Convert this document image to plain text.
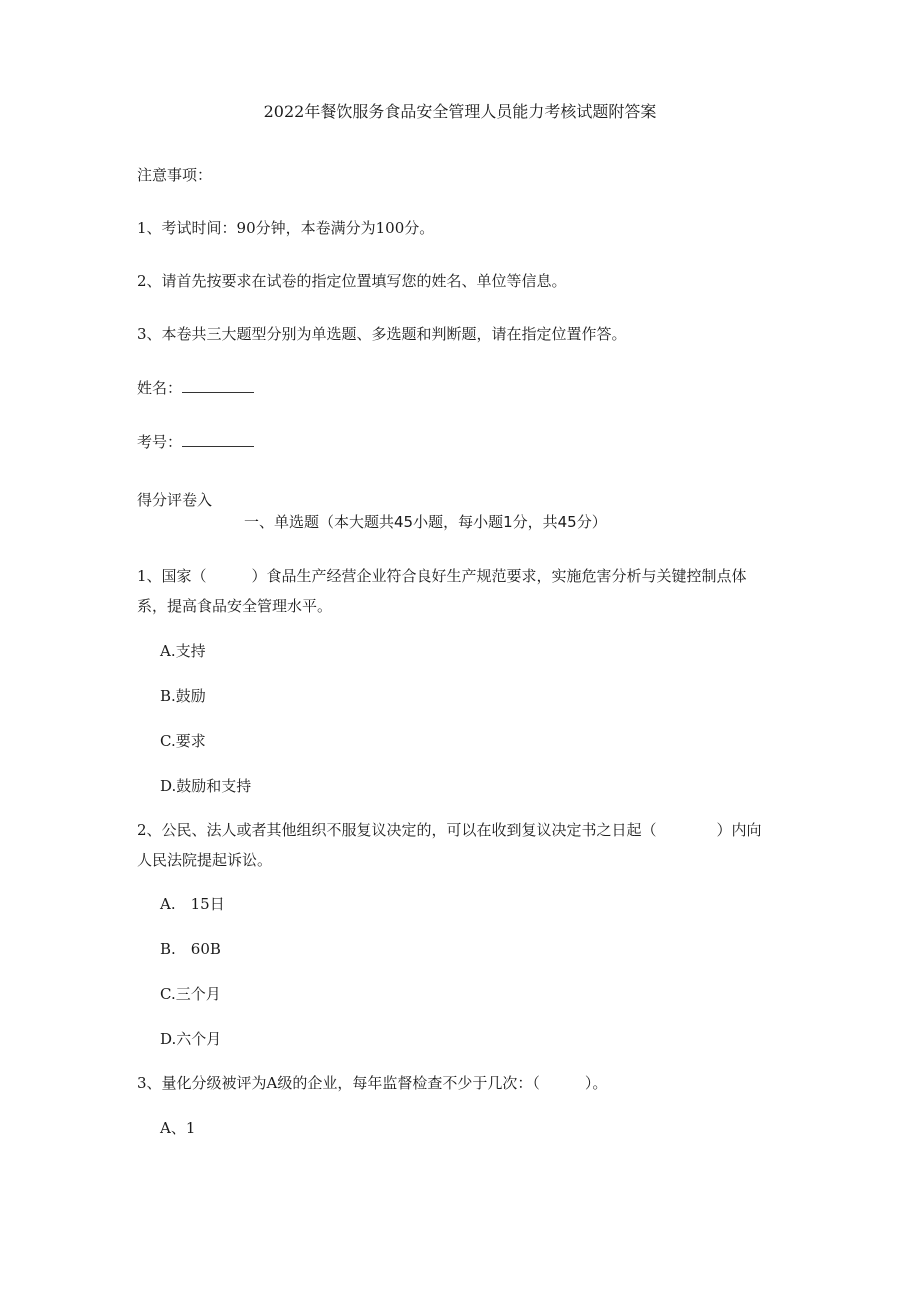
2022年餐饮服务食品安全管理人员能力考核试题附答案
注意事项：
1、考试时间：90分钟，本卷满分为100分。
2、请首先按要求在试卷的指定位置填写您的姓名、单位等信息。
3、本卷共三大题型分别为单选题、多选题和判断题，请在指定位置作答。
姓名：
考号：
得分评卷入
一、单选题（本大题共45小题，每小题1分，共45分）
1、国家（　　　）食品生产经营企业符合良好生产规范要求，实施危害分析与关键控制点体
系，提高食品安全管理水平。
A.支持
B.鼓励
C.要求
D.鼓励和支持
2、公民、法人或者其他组织不服复议决定的，可以在收到复议决定书之日起（　　　　）内向
人民法院提起诉讼。
A.　15日
B.　60B
C.三个月
D.六个月
3、量化分级被评为A级的企业，每年监督检查不少于几次：（　　　）。
A、1
